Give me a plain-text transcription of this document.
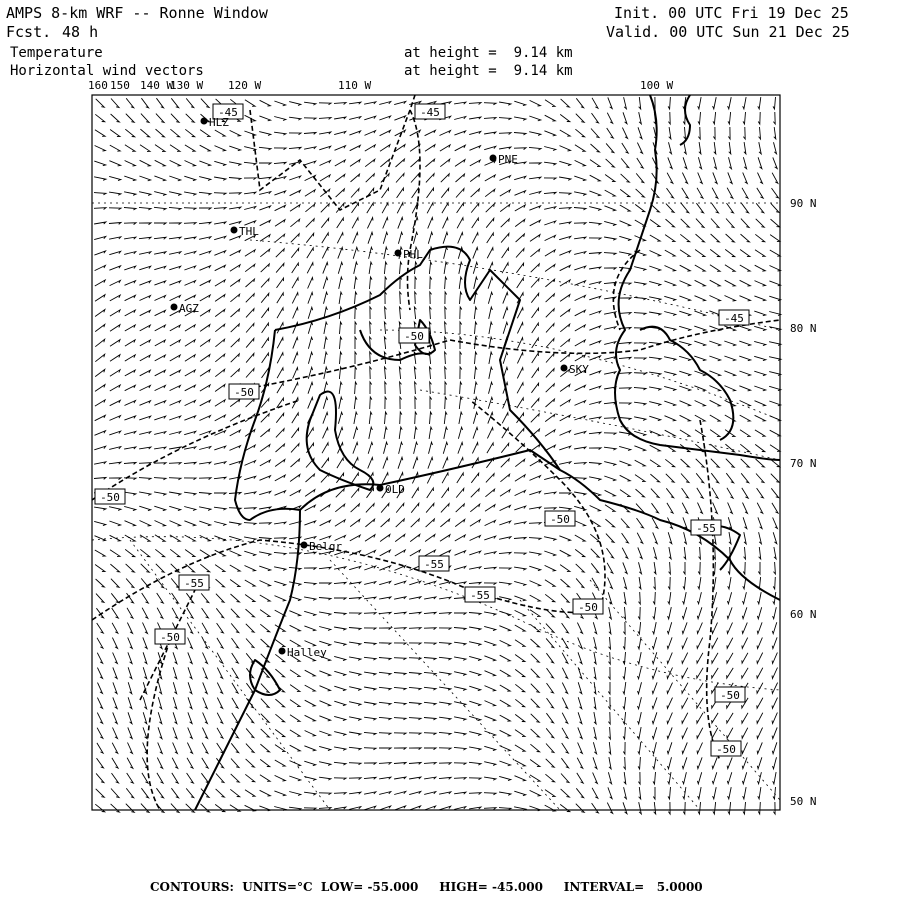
AMPS 8-km WRF -- Ronne Window
Fcst. 48 h
Temperature
Horizontal wind vectors
Init. 00 UTC Fri 19 Dec 25
Valid. 00 UTC Sun 21 Dec 25
at height =  9.14 km
at height =  9.14 km
-45	-45
-45
-50
-50
-50
-50
-55
-55
-55
-55
-50
-50
-50
-50
HLZ
PNE
THL
PHL
AGZ
SKY
OLD
Belgr
Halley
160 150 140 W
130 W 120 W	110 W	100 W
90 N
80 N
70 N
60 N
50 N
CONTOURS:  UNITS=°C  LOW= -55.000     HIGH= -45.000     INTERVAL=   5.0000
